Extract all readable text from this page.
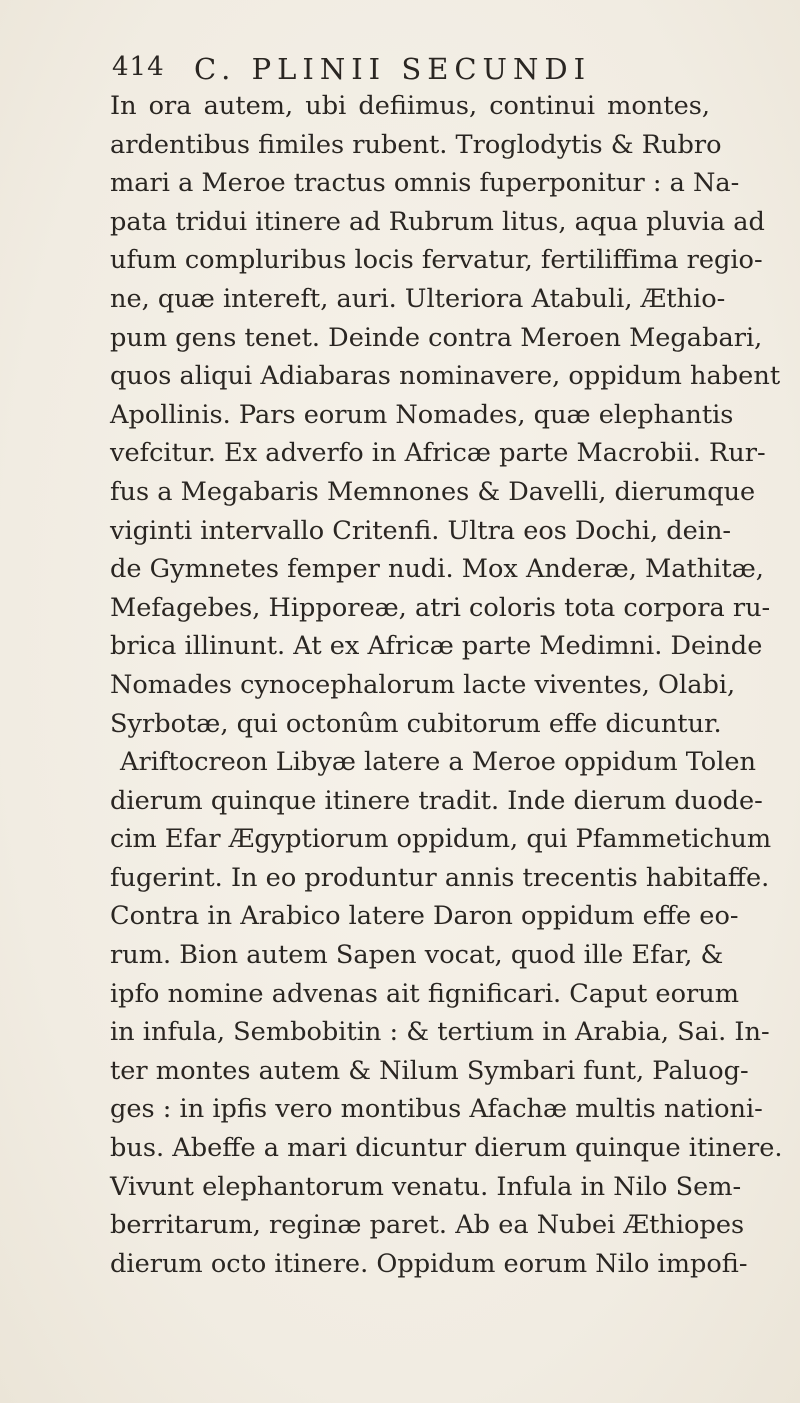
414 C. PLINII SECUNDI
In ora autem, ubi defiimus, continui montes,
ardentibus fimiles rubent. Troglodytis & Rubro
mari a Meroe tractus omnis fuperponitur : a Na-
pata tridui itinere ad Rubrum litus, aqua pluvia ad
ufum compluribus locis fervatur, fertiliffima regio-
ne, quæ intereft, auri. Ulteriora Atabuli, Æthio-
pum gens tenet. Deinde contra Meroen Megabari,
quos aliqui Adiabaras nominavere, oppidum habent
Apollinis. Pars eorum Nomades, quæ elephantis
vefcitur. Ex adverfo in Africæ parte Macrobii. Rur-
fus a Megabaris Memnones & Davelli, dierumque
viginti intervallo Critenfi. Ultra eos Dochi, dein-
de Gymnetes femper nudi. Mox Anderæ, Mathitæ,
Mefagebes, Hipporeæ, atri coloris tota corpora ru-
brica illinunt. At ex Africæ parte Medimni. Deinde
Nomades cynocephalorum lacte viventes, Olabi,
Syrbotæ, qui octonûm cubitorum effe dicuntur.
Ariftocreon Libyæ latere a Meroe oppidum Tolen
dierum quinque itinere tradit. Inde dierum duode-
cim Efar Ægyptiorum oppidum, qui Pfammetichum
fugerint. In eo produntur annis trecentis habitaffe.
Contra in Arabico latere Daron oppidum effe eo-
rum. Bion autem Sapen vocat, quod ille Efar, &
ipfo nomine advenas ait fignificari. Caput eorum
in infula, Sembobitin : & tertium in Arabia, Sai. In-
ter montes autem & Nilum Symbari funt, Paluog-
ges : in ipfis vero montibus Afachæ multis nationi-
bus. Abeffe a mari dicuntur dierum quinque itinere.
Vivunt elephantorum venatu. Infula in Nilo Sem-
berritarum, reginæ paret. Ab ea Nubei Æthiopes
dierum octo itinere. Oppidum eorum Nilo impofi-
